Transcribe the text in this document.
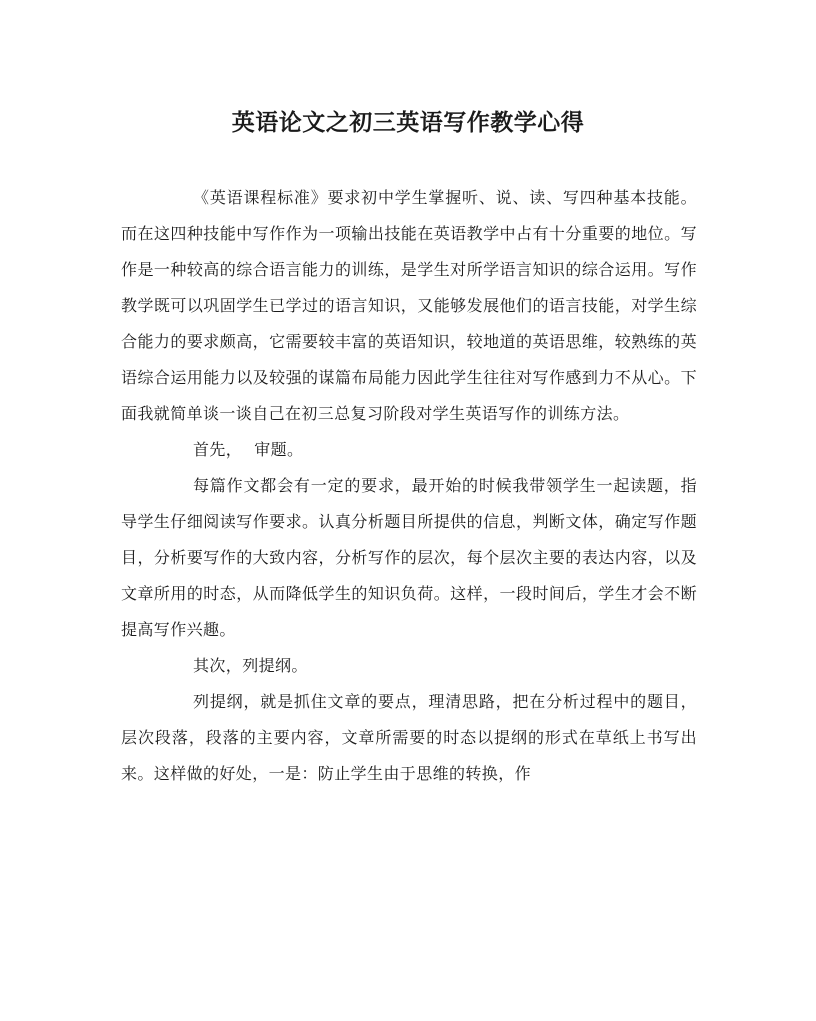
英语论文之初三英语写作教学心得

《英语课程标准》要求初中学生掌握听、说、读、写四种基本技能。而在这四种技能中写作作为一项输出技能在英语教学中占有十分重要的地位。写作是一种较高的综合语言能力的训练，是学生对所学语言知识的综合运用。写作教学既可以巩固学生已学过的语言知识，又能够发展他们的语言技能，对学生综合能力的要求颇高，它需要较丰富的英语知识，较地道的英语思维，较熟练的英语综合运用能力以及较强的谋篇布局能力因此学生往往对写作感到力不从心。下面我就简单谈一谈自己在初三总复习阶段对学生英语写作的训练方法。

首先， 审题。

每篇作文都会有一定的要求，最开始的时候我带领学生一起读题，指导学生仔细阅读写作要求。认真分析题目所提供的信息，判断文体，确定写作题目，分析要写作的大致内容，分析写作的层次，每个层次主要的表达内容，以及文章所用的时态，从而降低学生的知识负荷。这样，一段时间后，学生才会不断提高写作兴趣。

其次，列提纲。

列提纲，就是抓住文章的要点，理清思路，把在分析过程中的题目，层次段落，段落的主要内容，文章所需要的时态以提纲的形式在草纸上书写出来。这样做的好处，一是：防止学生由于思维的转换，作
